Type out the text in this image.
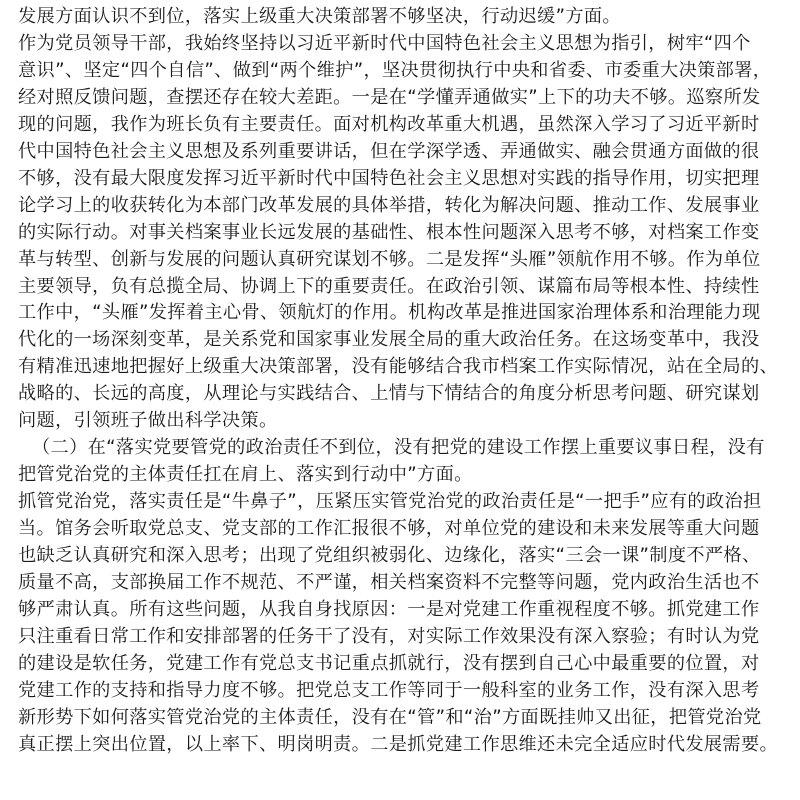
发展方面认识不到位，落实上级重大决策部署不够坚决，行动迟缓”方面。
作为党员领导干部，我始终坚持以习近平新时代中国特色社会主义思想为指引，树牢“四个
意识”、坚定“四个自信”、做到“两个维护”，坚决贯彻执行中央和省委、市委重大决策部署，
经对照反馈问题，查摆还存在较大差距。一是在“学懂弄通做实”上下的功夫不够。巡察所发
现的问题，我作为班长负有主要责任。面对机构改革重大机遇，虽然深入学习了习近平新时
代中国特色社会主义思想及系列重要讲话，但在学深学透、弄通做实、融会贯通方面做的很
不够，没有最大限度发挥习近平新时代中国特色社会主义思想对实践的指导作用，切实把理
论学习上的收获转化为本部门改革发展的具体举措，转化为解决问题、推动工作、发展事业
的实际行动。对事关档案事业长远发展的基础性、根本性问题深入思考不够，对档案工作变
革与转型、创新与发展的问题认真研究谋划不够。二是发挥“头雁”领航作用不够。作为单位
主要领导，负有总揽全局、协调上下的重要责任。在政治引领、谋篇布局等根本性、持续性
工作中，“头雁”发挥着主心骨、领航灯的作用。机构改革是推进国家治理体系和治理能力现
代化的一场深刻变革，是关系党和国家事业发展全局的重大政治任务。在这场变革中，我没
有精准迅速地把握好上级重大决策部署，没有能够结合我市档案工作实际情况，站在全局的、
战略的、长远的高度，从理论与实践结合、上情与下情结合的角度分析思考问题、研究谋划
问题，引领班子做出科学决策。
（二）在“落实党要管党的政治责任不到位，没有把党的建设工作摆上重要议事日程，没有
把管党治党的主体责任扛在肩上、落实到行动中”方面。
抓管党治党，落实责任是“牛鼻子”，压紧压实管党治党的政治责任是“一把手”应有的政治担
当。馆务会听取党总支、党支部的工作汇报很不够，对单位党的建设和未来发展等重大问题
也缺乏认真研究和深入思考；出现了党组织被弱化、边缘化，落实“三会一课”制度不严格、
质量不高，支部换届工作不规范、不严谨，相关档案资料不完整等问题，党内政治生活也不
够严肃认真。所有这些问题，从我自身找原因：一是对党建工作重视程度不够。抓党建工作
只注重看日常工作和安排部署的任务干了没有，对实际工作效果没有深入察验；有时认为党
的建设是软任务，党建工作有党总支书记重点抓就行，没有摆到自己心中最重要的位置，对
党建工作的支持和指导力度不够。把党总支工作等同于一般科室的业务工作，没有深入思考
新形势下如何落实管党治党的主体责任，没有在“管”和“治”方面既挂帅又出征，把管党治党
真正摆上突出位置，以上率下、明岗明责。二是抓党建工作思维还未完全适应时代发展需要。
